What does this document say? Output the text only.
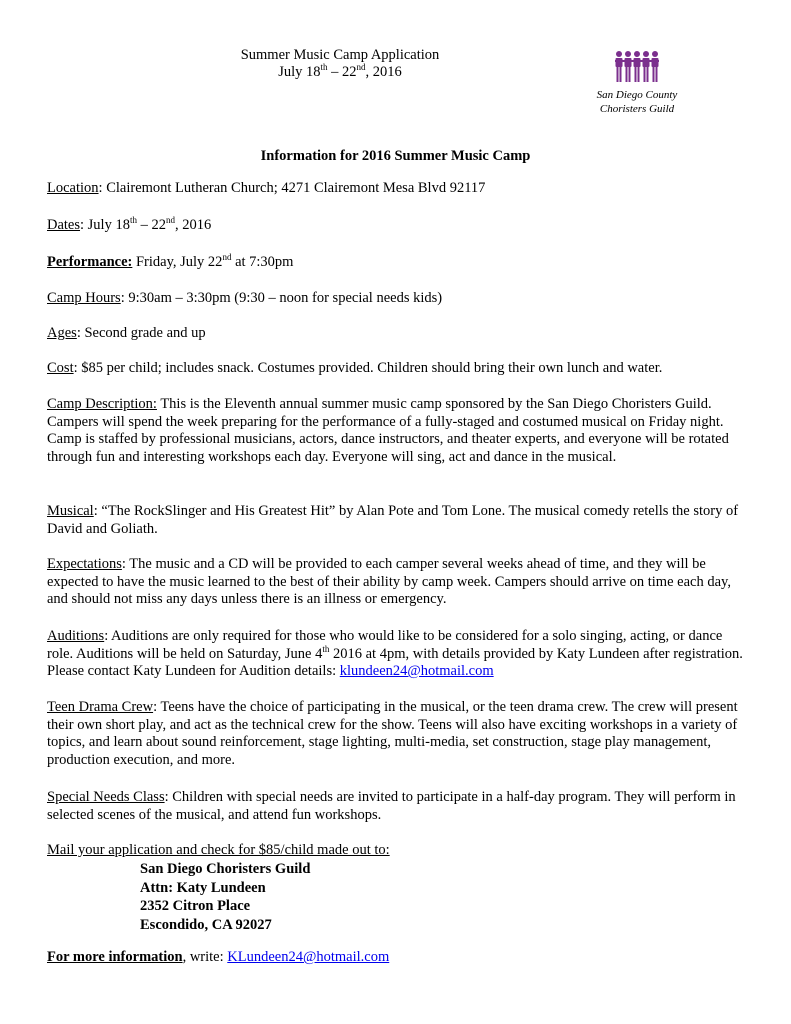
Summer Music Camp Application
July 18th – 22nd, 2016
San Diego County
Choristers Guild
Information for 2016 Summer Music Camp
Location: Clairemont Lutheran Church; 4271 Clairemont Mesa Blvd 92117
Dates: July 18th – 22nd, 2016
Performance: Friday, July 22nd at 7:30pm
Camp Hours: 9:30am – 3:30pm (9:30 – noon for special needs kids)
Ages: Second grade and up
Cost: $85 per child; includes snack. Costumes provided. Children should bring their own lunch and water.
Camp Description: This is the Eleventh annual summer music camp sponsored by the San Diego Choristers Guild. Campers will spend the week preparing for the performance of a fully-staged and costumed musical on Friday night. Camp is staffed by professional musicians, actors, dance instructors, and theater experts, and everyone will be rotated through fun and interesting workshops each day. Everyone will sing, act and dance in the musical.
Musical: “The RockSlinger and His Greatest Hit” by Alan Pote and Tom Lone. The musical comedy retells the story of David and Goliath.
Expectations: The music and a CD will be provided to each camper several weeks ahead of time, and they will be expected to have the music learned to the best of their ability by camp week. Campers should arrive on time each day, and should not miss any days unless there is an illness or emergency.
Auditions: Auditions are only required for those who would like to be considered for a solo singing, acting, or dance role. Auditions will be held on Saturday, June 4th 2016 at 4pm, with details provided by Katy Lundeen after registration. Please contact Katy Lundeen for Audition details: klundeen24@hotmail.com
Teen Drama Crew: Teens have the choice of participating in the musical, or the teen drama crew. The crew will present their own short play, and act as the technical crew for the show. Teens will also have exciting workshops in a variety of topics, and learn about sound reinforcement, stage lighting, multi-media, set construction, stage play management, production execution, and more.
Special Needs Class: Children with special needs are invited to participate in a half-day program. They will perform in selected scenes of the musical, and attend fun workshops.
Mail your application and check for $85/child made out to:
San Diego Choristers Guild
Attn: Katy Lundeen
2352 Citron Place
Escondido, CA 92027
For more information, write: KLundeen24@hotmail.com
